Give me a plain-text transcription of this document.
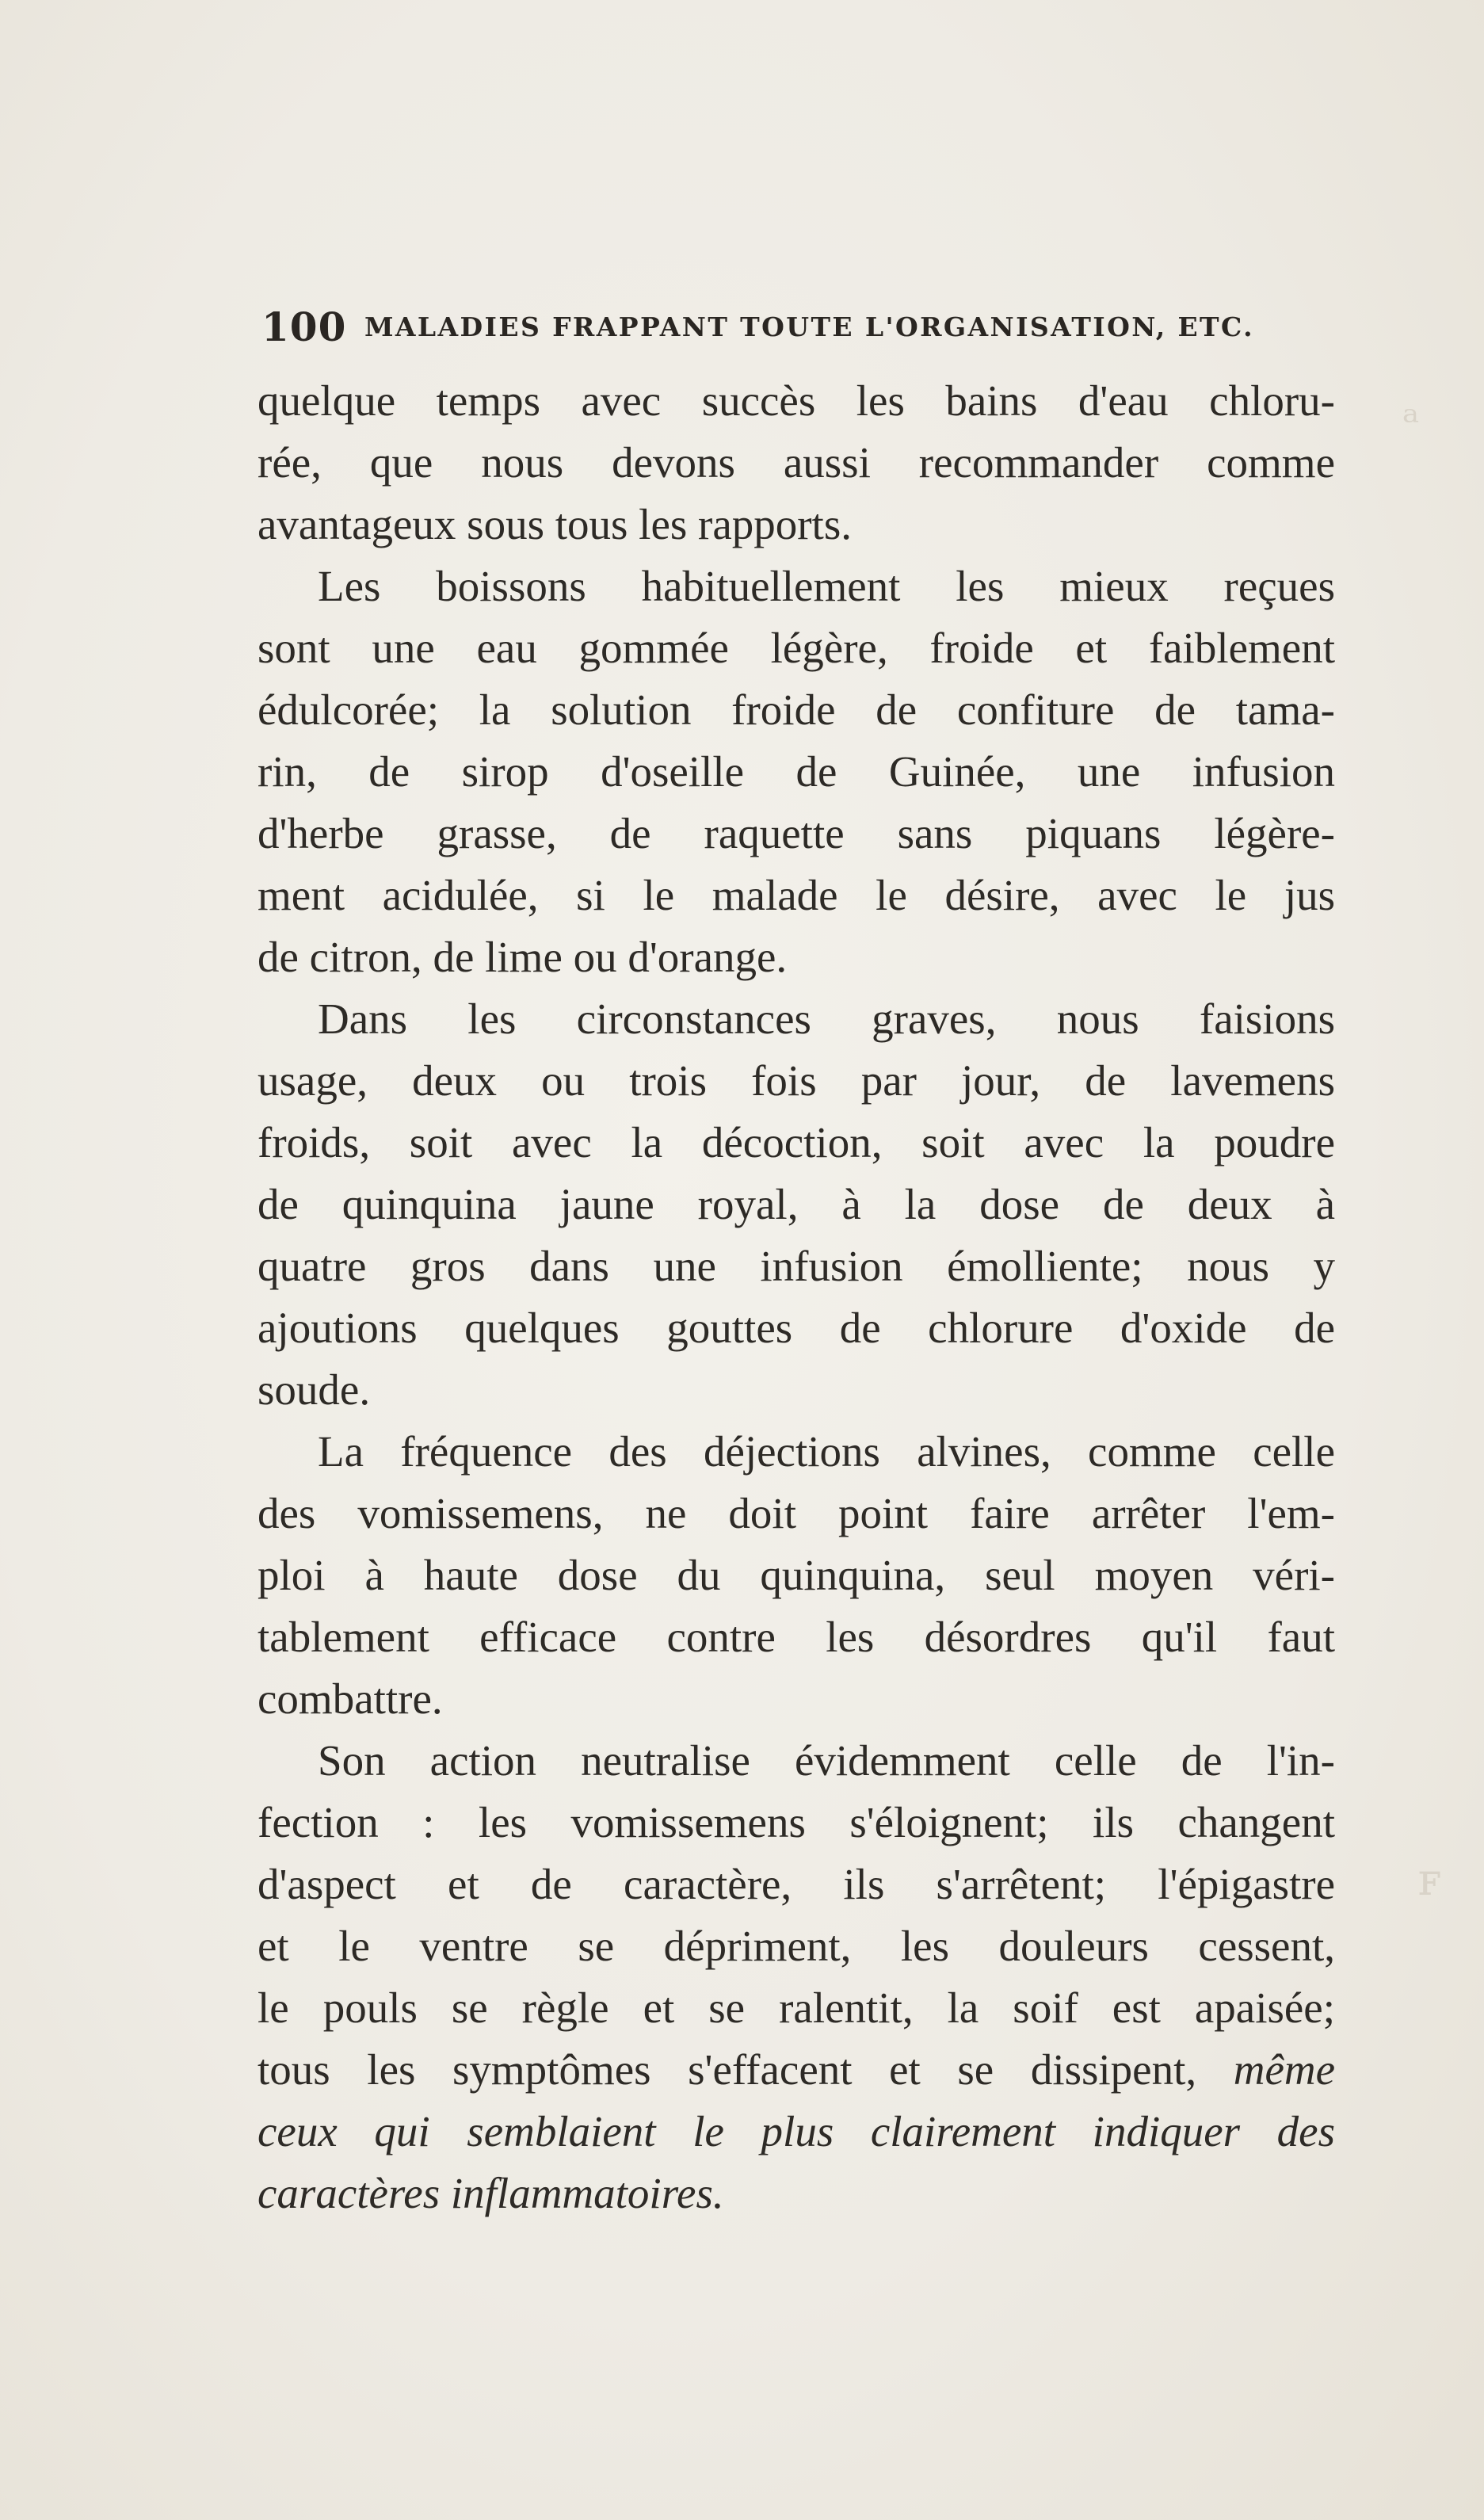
ᵃ
ꜰ
100 MALADIES FRAPPANT TOUTE L'ORGANISATION, ETC.
quelque temps avec succès les bains d'eau chloru-
rée, que nous devons aussi recommander comme
avantageux sous tous les rapports.
Les boissons habituellement les mieux reçues
sont une eau gommée légère, froide et faiblement
édulcorée; la solution froide de confiture de tama-
rin, de sirop d'oseille de Guinée, une infusion
d'herbe grasse, de raquette sans piquans légère-
ment acidulée, si le malade le désire, avec le jus
de citron, de lime ou d'orange.
Dans les circonstances graves, nous faisions
usage, deux ou trois fois par jour, de lavemens
froids, soit avec la décoction, soit avec la poudre
de quinquina jaune royal, à la dose de deux à
quatre gros dans une infusion émolliente; nous y
ajoutions quelques gouttes de chlorure d'oxide de
soude.
La fréquence des déjections alvines, comme celle
des vomissemens, ne doit point faire arrêter l'em-
ploi à haute dose du quinquina, seul moyen véri-
tablement efficace contre les désordres qu'il faut
combattre.
Son action neutralise évidemment celle de l'in-
fection : les vomissemens s'éloignent; ils changent
d'aspect et de caractère, ils s'arrêtent; l'épigastre
et le ventre se dépriment, les douleurs cessent,
le pouls se règle et se ralentit, la soif est apaisée;
tous les symptômes s'effacent et se dissipent, même
ceux qui semblaient le plus clairement indiquer des
caractères inflammatoires.
